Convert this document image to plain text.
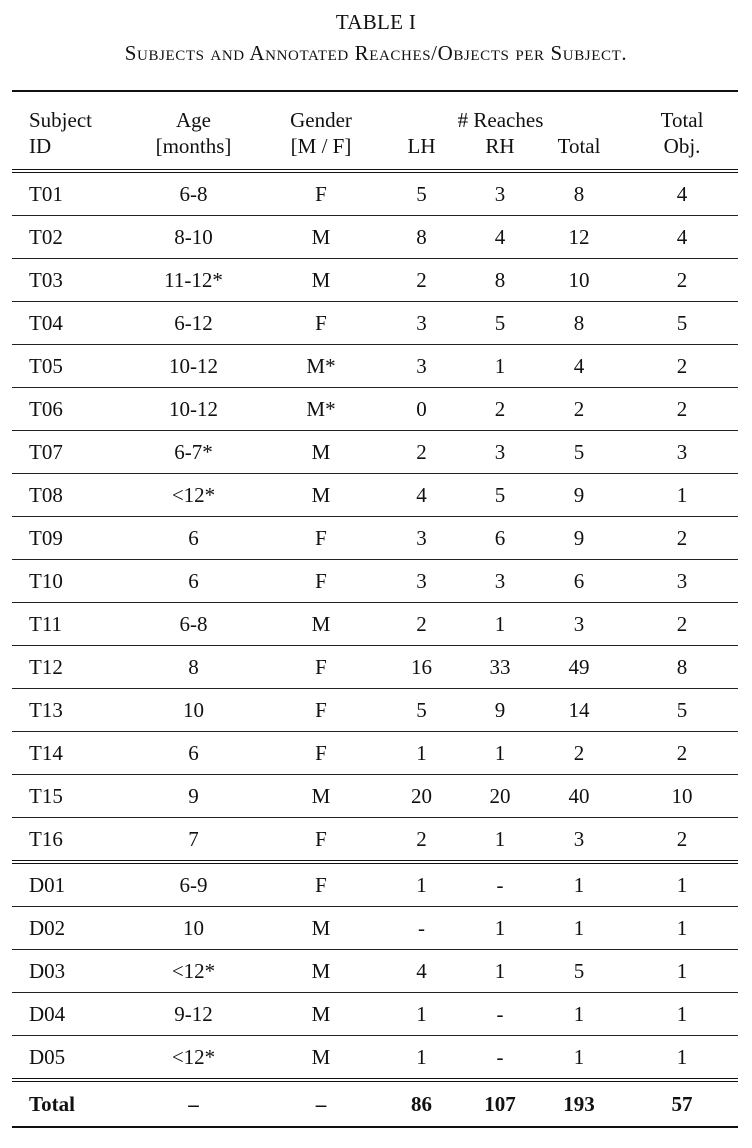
TABLE I
Subjects and Annotated Reaches/Objects per Subject.
Subject	Age	Gender	# Reaches			Total
ID	[months]	[M / F]	LH	RH	Total	Obj.
T01	6-8	F	5	3	8	4
T02	8-10	M	8	4	12	4
T03	11-12*	M	2	8	10	2
T04	6-12	F	3	5	8	5
T05	10-12	M*	3	1	4	2
T06	10-12	M*	0	2	2	2
T07	6-7*	M	2	3	5	3
T08	<12*	M	4	5	9	1
T09	6	F	3	6	9	2
T10	6	F	3	3	6	3
T11	6-8	M	2	1	3	2
T12	8	F	16	33	49	8
T13	10	F	5	9	14	5
T14	6	F	1	1	2	2
T15	9	M	20	20	40	10
T16	7	F	2	1	3	2
D01	6-9	F	1	-	1	1
D02	10	M	-	1	1	1
D03	<12*	M	4	1	5	1
D04	9-12	M	1	-	1	1
D05	<12*	M	1	-	1	1
Total	–	–	86	107	193	57
